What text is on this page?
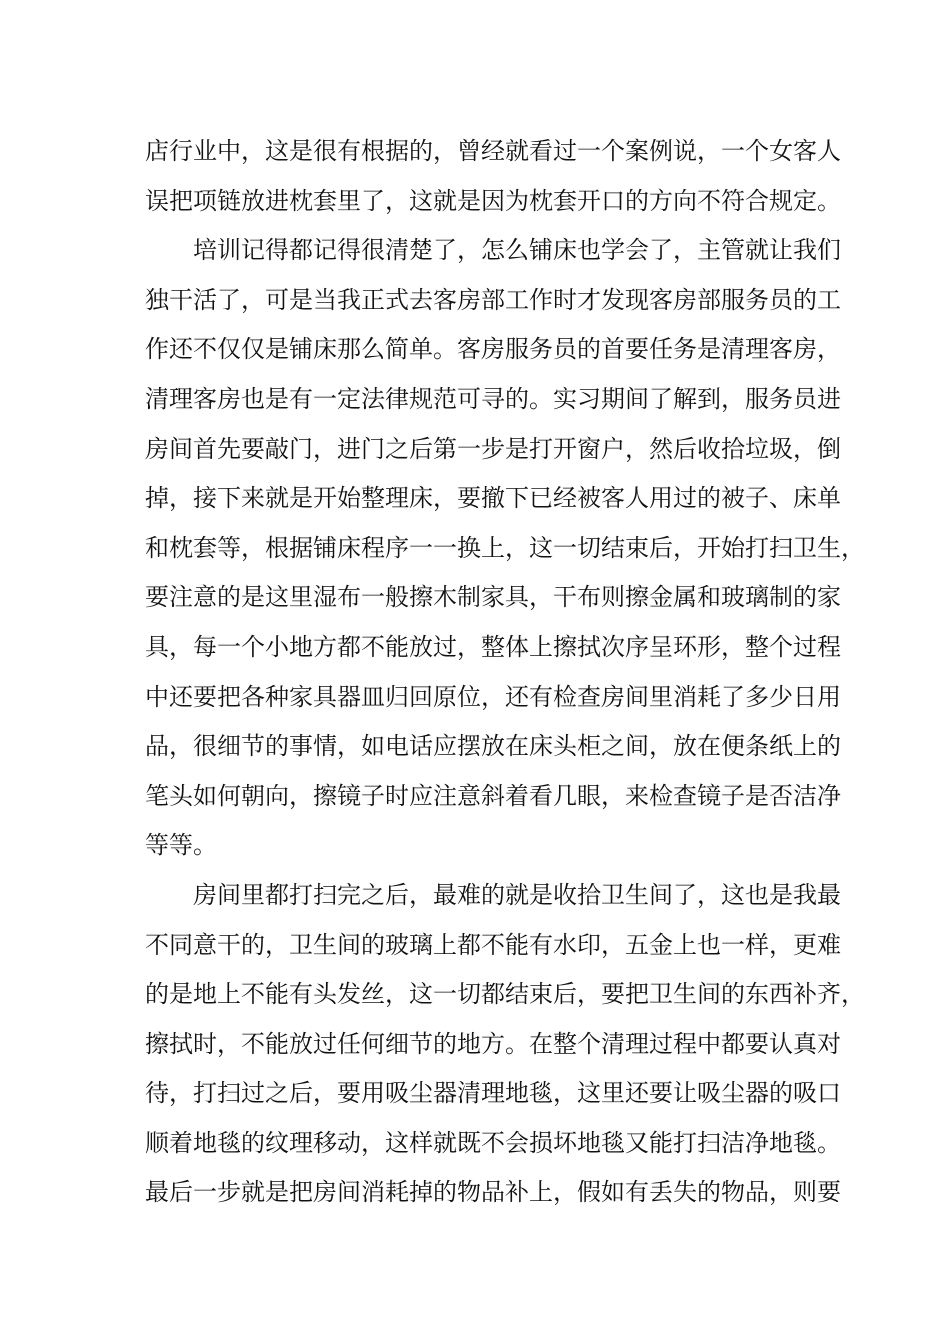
店行业中，这是很有根据的，曾经就看过一个案例说，一个女客人
误把项链放进枕套里了，这就是因为枕套开口的方向不符合规定。
培训记得都记得很清楚了，怎么铺床也学会了，主管就让我们
独干活了，可是当我正式去客房部工作时才发现客房部服务员的工
作还不仅仅是铺床那么简单。客房服务员的首要任务是清理客房，
清理客房也是有一定法律规范可寻的。实习期间了解到，服务员进
房间首先要敲门，进门之后第一步是打开窗户，然后收拾垃圾，倒
掉，接下来就是开始整理床，要撤下已经被客人用过的被子、床单
和枕套等，根据铺床程序一一换上，这一切结束后，开始打扫卫生，
要注意的是这里湿布一般擦木制家具，干布则擦金属和玻璃制的家
具，每一个小地方都不能放过，整体上擦拭次序呈环形，整个过程
中还要把各种家具器皿归回原位，还有检查房间里消耗了多少日用
品，很细节的事情，如电话应摆放在床头柜之间，放在便条纸上的
笔头如何朝向，擦镜子时应注意斜着看几眼，来检查镜子是否洁净
等等。
房间里都打扫完之后，最难的就是收拾卫生间了，这也是我最
不同意干的，卫生间的玻璃上都不能有水印，五金上也一样，更难
的是地上不能有头发丝，这一切都结束后，要把卫生间的东西补齐，
擦拭时，不能放过任何细节的地方。在整个清理过程中都要认真对
待，打扫过之后，要用吸尘器清理地毯，这里还要让吸尘器的吸口
顺着地毯的纹理移动，这样就既不会损坏地毯又能打扫洁净地毯。
最后一步就是把房间消耗掉的物品补上，假如有丢失的物品，则要
